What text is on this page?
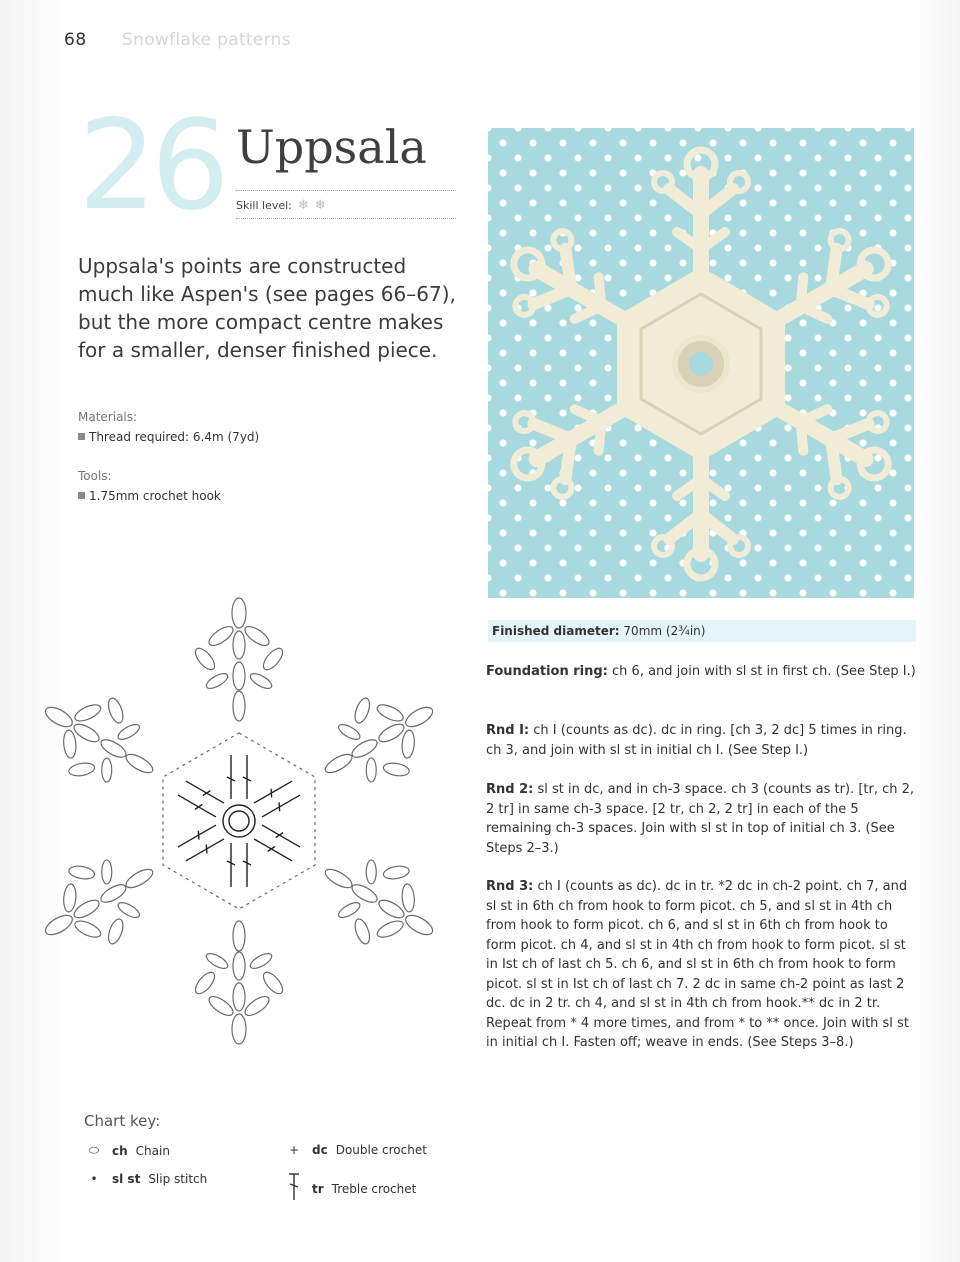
68 Snowflake patterns
26 Uppsala
Skill level: ❄ ❄
Uppsala's points are constructed much like Aspen's (see pages 66–67), but the more compact centre makes for a smaller, denser finished piece.
Materials:
Thread required: 6.4m (7yd)
Tools:
1.75mm crochet hook
Finished diameter: 70mm (2¾in)
Foundation ring: ch 6, and join with sl st in first ch. (See Step I.)
Rnd I: ch I (counts as dc). dc in ring. [ch 3, 2 dc] 5 times in ring. ch 3, and join with sl st in initial ch I. (See Step I.)
Rnd 2: sl st in dc, and in ch-3 space. ch 3 (counts as tr). [tr, ch 2, 2 tr] in same ch-3 space. [2 tr, ch 2, 2 tr] in each of the 5 remaining ch-3 spaces. Join with sl st in top of initial ch 3. (See Steps 2–3.)
Rnd 3: ch I (counts as dc). dc in tr. *2 dc in ch-2 point. ch 7, and sl st in 6th ch from hook to form picot. ch 5, and sl st in 4th ch from hook to form picot. ch 6, and sl st in 6th ch from hook to form picot. ch 4, and sl st in 4th ch from hook to form picot. sl st in Ist ch of last ch 5. ch 6, and sl st in 6th ch from hook to form picot. sl st in Ist ch of last ch 7. 2 dc in same ch-2 point as last 2 dc. dc in 2 tr. ch 4, and sl st in 4th ch from hook.** dc in 2 tr. Repeat from * 4 more times, and from * to ** once. Join with sl st in initial ch I. Fasten off; weave in ends. (See Steps 3–8.)
Chart key:
⬭	ch Chain
•	sl st Slip stitch
+	dc Double crochet
tr Treble crochet
